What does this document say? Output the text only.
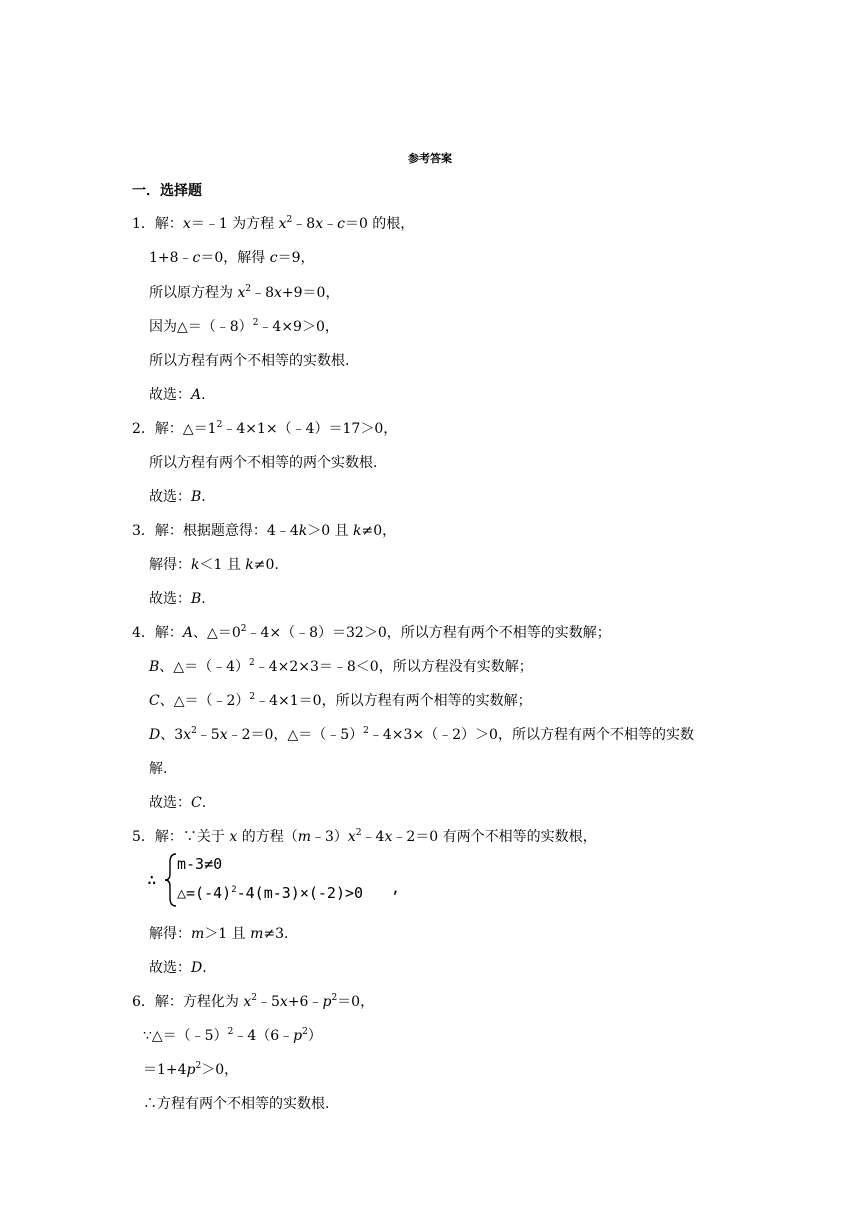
参考答案
一．选择题
1．解：x＝﹣1 为方程 $x^2﹣8x﹣c=0$ 的根，
1+8﹣c＝0，解得 c＝9，
所以原方程为 $x^2﹣8x+9=0$，
因为△＝（﹣8）$^2$﹣4×9＞0，
所以方程有两个不相等的实数根.
故选：A.
2．解：$\triangle=1^2﹣4\times 1\times(﹣4)=17>0$，
所以方程有两个不相等的两个实数根.
故选：B.
3．解：根据题意得：4﹣4k＞0 且 k≠0，
解得：k＜1 且 k≠0.
故选：B.
4．解：A、$\triangle=0^2﹣4\times(﹣8)=32>0$，所以方程有两个不相等的实数解；
B、△＝（﹣4）$^2$﹣4×2×3＝﹣8＜0，所以方程没有实数解；
C、△＝（﹣2）$^2$﹣4×1＝0，所以方程有两个相等的实数解；
D、$3x^2﹣5x﹣2=0$，△＝（﹣5）$^2$﹣4×3×（﹣2）＞0，所以方程有两个不相等的实数
解.
故选：C.
5．解：∵关于 x 的方程$(m﹣3)x^2﹣4x﹣2=0$ 有两个不相等的实数根，
∴
m-3≠0
$\triangle=(-4)^2-4(m-3)\times(-2)>0$ ,
解得：m＞1 且 m≠3.
故选：D.
6．解：方程化为 $x^2﹣5x+6﹣p^2=0$，
$\because\triangle=(﹣5)^2﹣4(6﹣p^2)$
$=1+4p^2>0$，
∴方程有两个不相等的实数根.
